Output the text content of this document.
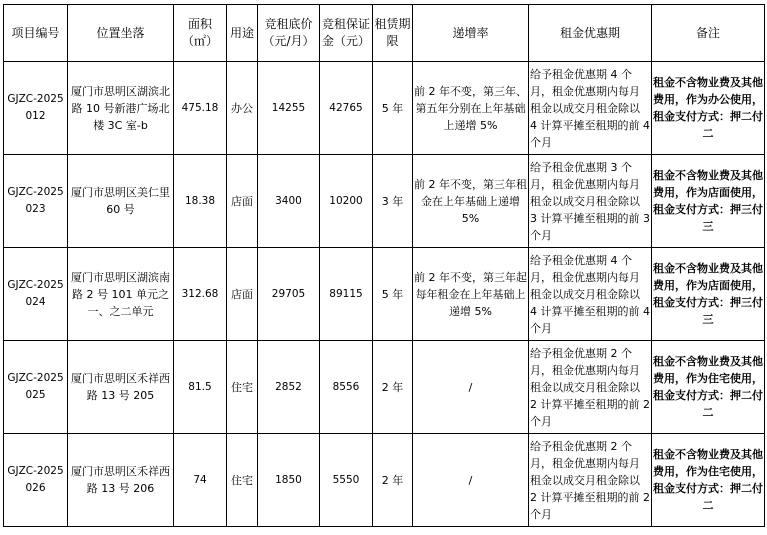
项目编号	位置坐落	面积（㎡）	用途	竞租底价（元/月）	竞租保证金（元）	租赁期限	递增率	租金优惠期	备注
GJZC-2025012	厦门市思明区湖滨北路 10 号新港广场北楼 3C 室-b	475.18	办公	14255	42765	5 年	前 2 年不变，第三年、第五年分别在上年基础上递增 5%	给予租金优惠期 4 个月，租金优惠期内每月租金以成交月租金除以 4 计算平摊至租期的前 4 个月	租金不含物业费及其他费用，作为办公使用，租金支付方式：押二付二
GJZC-2025023	厦门市思明区美仁里 60 号	18.38	店面	3400	10200	3 年	前 2 年不变，第三年租金在上年基础上递增 5%	给予租金优惠期 3 个月，租金优惠期内每月租金以成交月租金除以 3 计算平摊至租期的前 3 个月	租金不含物业费及其他费用，作为店面使用，租金支付方式：押三付三
GJZC-2025024	厦门市思明区湖滨南路 2 号 101 单元之一、之二单元	312.68	店面	29705	89115	5 年	前 2 年不变，第三年起每年租金在上年基础上递增 5%	给予租金优惠期 4 个月，租金优惠期内每月租金以成交月租金除以 4 计算平摊至租期的前 4 个月	租金不含物业费及其他费用，作为店面使用，租金支付方式：押三付三
GJZC-2025025	厦门市思明区禾祥西路 13 号 205	81.5	住宅	2852	8556	2 年	/	给予租金优惠期 2 个月，租金优惠期内每月租金以成交月租金除以 2 计算平摊至租期的前 2 个月	租金不含物业费及其他费用，作为住宅使用，租金支付方式：押二付二
GJZC-2025026	厦门市思明区禾祥西路 13 号 206	74	住宅	1850	5550	2 年	/	给予租金优惠期 2 个月，租金优惠期内每月租金以成交月租金除以 2 计算平摊至租期的前 2 个月	租金不含物业费及其他费用，作为住宅使用，租金支付方式：押二付二
